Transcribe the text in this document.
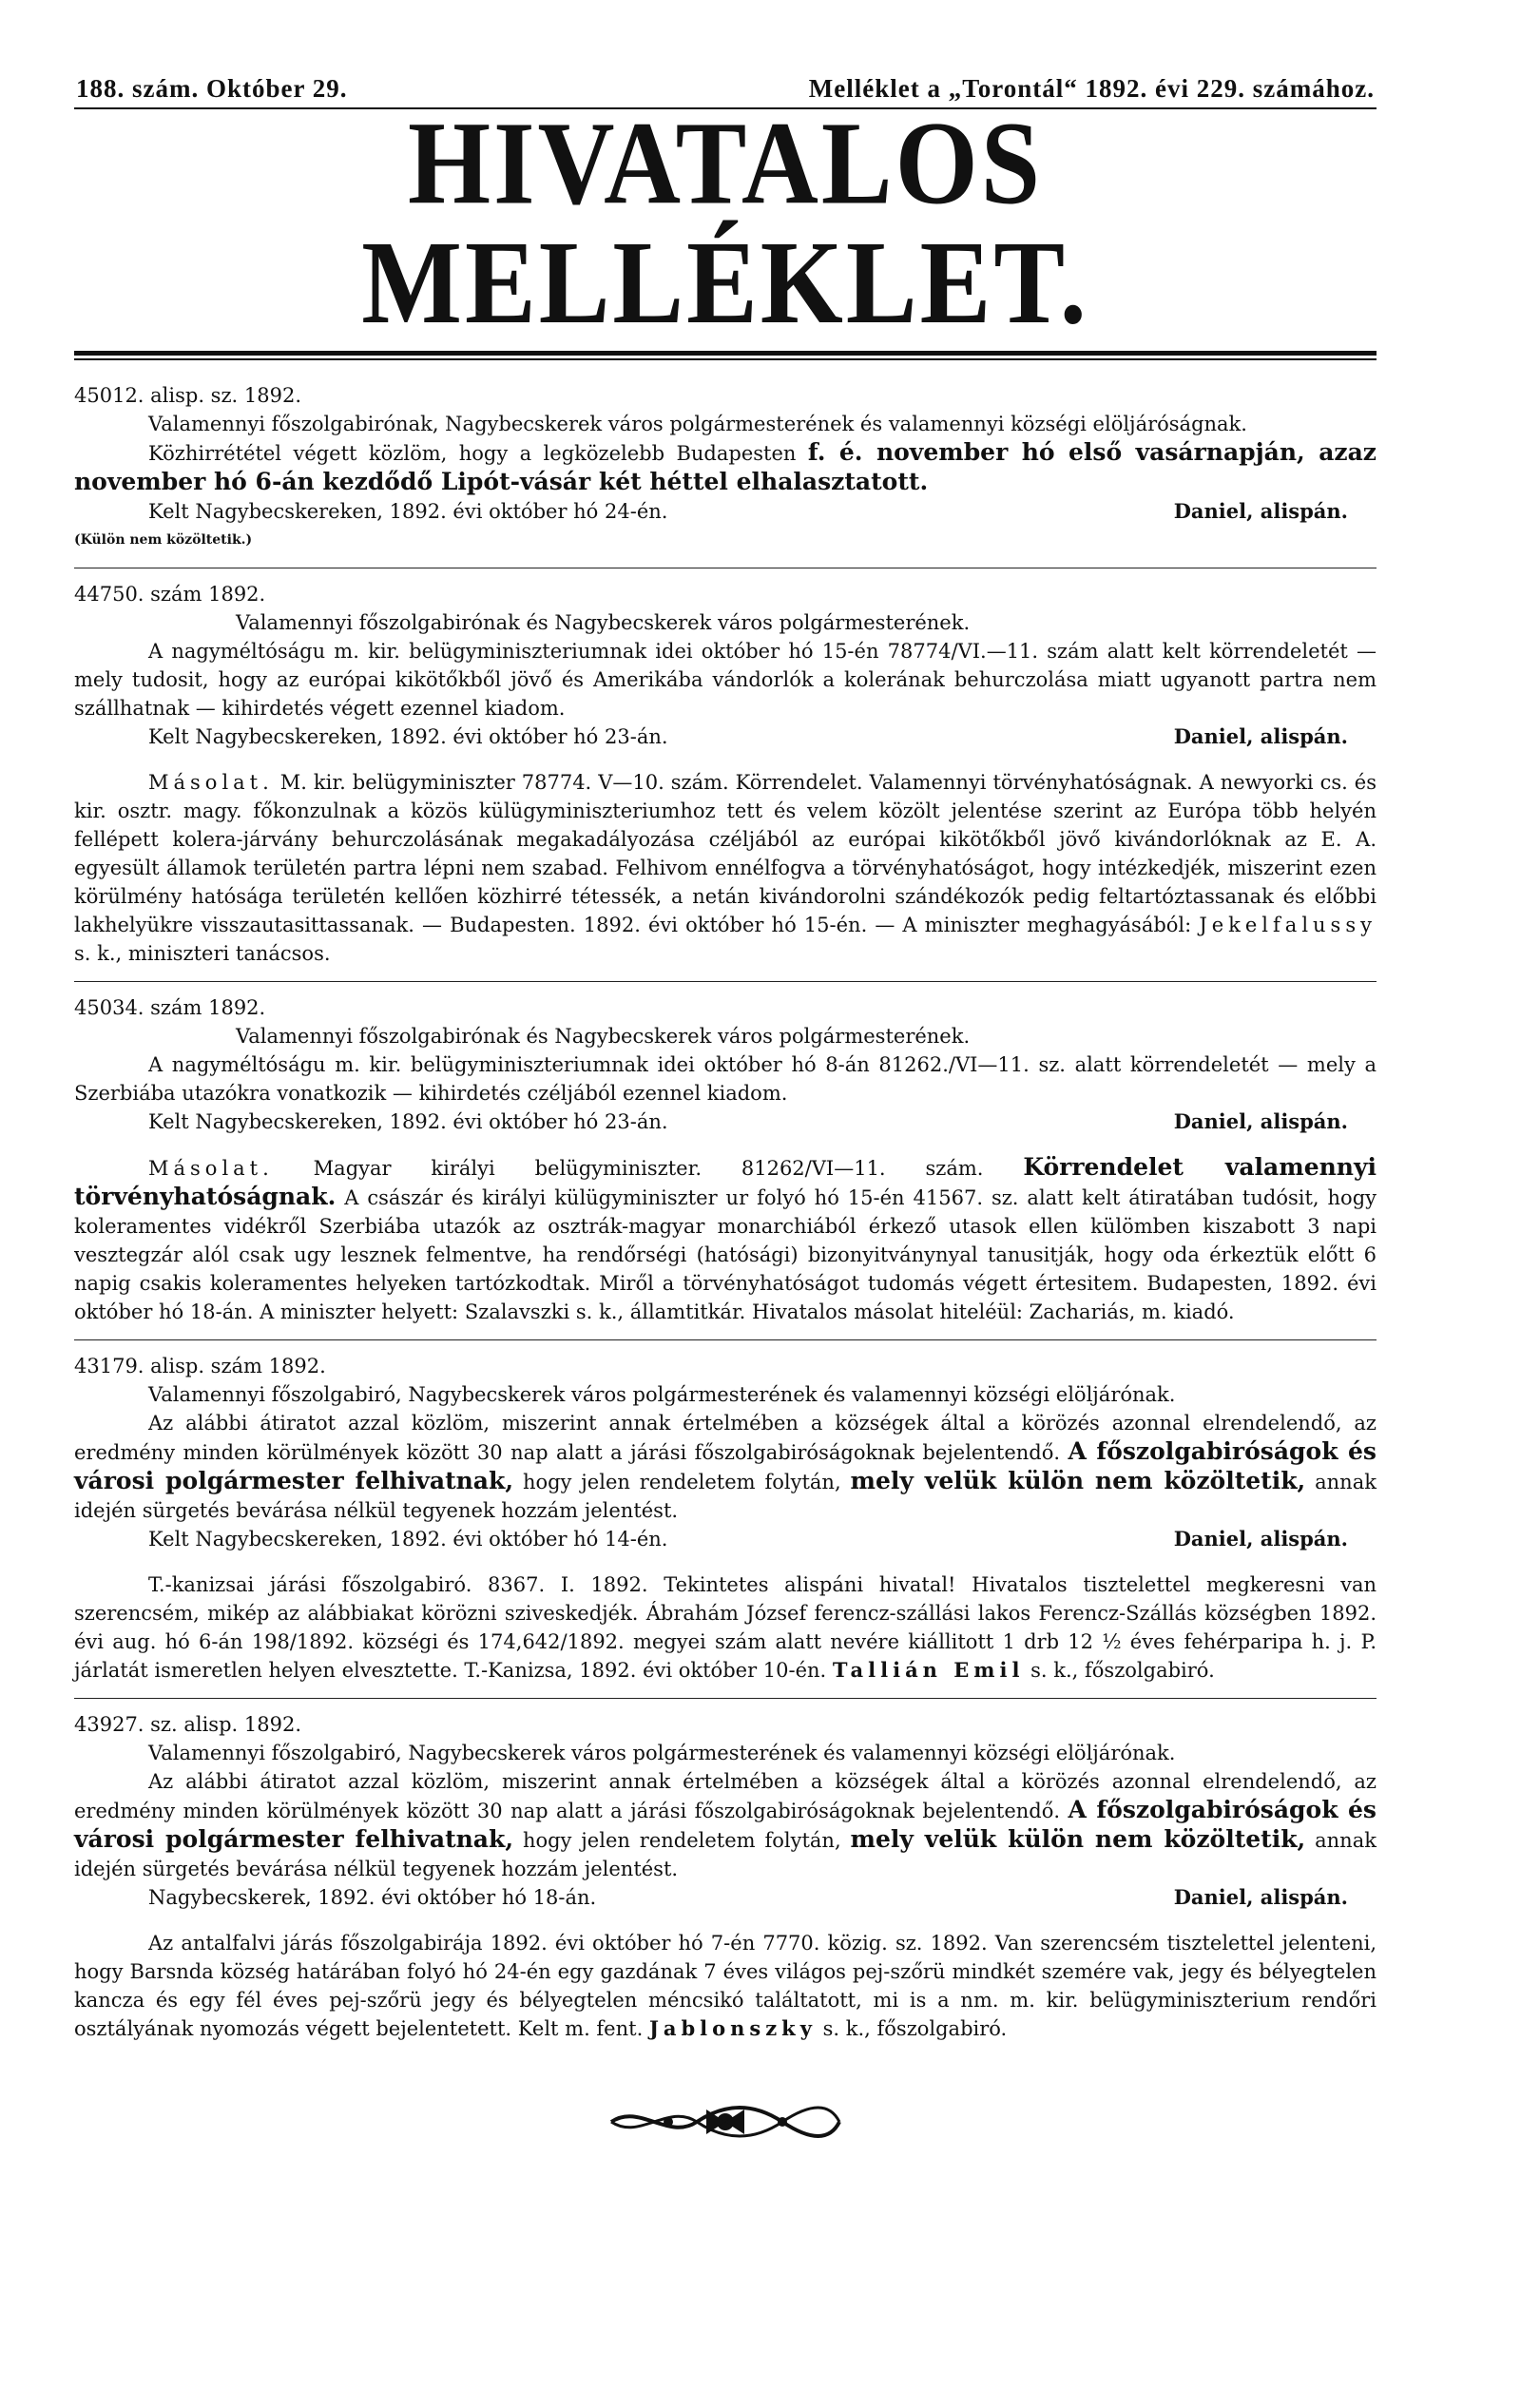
188. szám. Október 29.	Melléklet a „Torontál“ 1892. évi 229. számához.
HIVATALOS MELLÉKLET.

45012. alisp. sz. 1892.

Valamennyi főszolgabirónak, Nagybecskerek város polgármesterének és valamennyi községi elöljáróságnak.

Közhirrététel végett közlöm, hogy a legközelebb Budapesten f. é. november hó első vasárnapján, azaz november hó 6-án kezdődő Lipót-vásár két héttel elhalasztatott.

Kelt Nagybecskereken, 1892. évi október hó 24-én.	Daniel, alispán.

(Külön nem közöltetik.)

44750. szám 1892.

Valamennyi főszolgabirónak és Nagybecskerek város polgármesterének.

A nagyméltóságu m. kir. belügyminiszteriumnak idei október hó 15-én 78774/VI.—11. szám alatt kelt körrendeletét — mely tudosit, hogy az európai kikötőkből jövő és Amerikába vándorlók a kolerának behurczolása miatt ugyanott partra nem szállhatnak — kihirdetés végett ezennel kiadom.

Kelt Nagybecskereken, 1892. évi október hó 23-án.	Daniel, alispán.

Másolat. M. kir. belügyminiszter 78774. V—10. szám. Körrendelet. Valamennyi törvényhatóságnak. A newyorki cs. és kir. osztr. magy. főkonzulnak a közös külügyminiszteriumhoz tett és velem közölt jelentése szerint az Európa több helyén fellépett kolera-járvány behurczolásának megakadályozása czéljából az európai kikötőkből jövő kivándorlóknak az E. A. egyesült államok területén partra lépni nem szabad. Felhivom ennélfogva a törvényhatóságot, hogy intézkedjék, miszerint ezen körülmény hatósága területén kellően közhirré tétessék, a netán kivándorolni szándékozók pedig feltartóztassanak és előbbi lakhelyükre visszautasittassanak. — Budapesten. 1892. évi október hó 15-én. — A miniszter meghagyásából: Jekelfalussy s. k., miniszteri tanácsos.

45034. szám 1892.

Valamennyi főszolgabirónak és Nagybecskerek város polgármesterének.

A nagyméltóságu m. kir. belügyminiszteriumnak idei október hó 8-án 81262./VI—11. sz. alatt körrendeletét — mely a Szerbiába utazókra vonatkozik — kihirdetés czéljából ezennel kiadom.

Kelt Nagybecskereken, 1892. évi október hó 23-án.	Daniel, alispán.

Másolat. Magyar királyi belügyminiszter. 81262/VI—11. szám. Körrendelet valamennyi törvényhatóságnak. A császár és királyi külügyminiszter ur folyó hó 15-én 41567. sz. alatt kelt átiratában tudósit, hogy koleramentes vidékről Szerbiába utazók az osztrák-magyar monarchiából érkező utasok ellen külömben kiszabott 3 napi vesztegzár alól csak ugy lesznek felmentve, ha rendőrségi (hatósági) bizonyitványnyal tanusitják, hogy oda érkeztük előtt 6 napig csakis koleramentes helyeken tartózkodtak. Miről a törvényhatóságot tudomás végett értesitem. Budapesten, 1892. évi október hó 18-án. A miniszter helyett: Szalavszki s. k., államtitkár. Hivatalos másolat hiteléül: Zachariás, m. kiadó.

43179. alisp. szám 1892.

Valamennyi főszolgabiró, Nagybecskerek város polgármesterének és valamennyi községi elöljárónak.

Az alábbi átiratot azzal közlöm, miszerint annak értelmében a községek által a körözés azonnal elrendelendő, az eredmény minden körülmények között 30 nap alatt a járási főszolgabiróságoknak bejelentendő. A főszolgabiróságok és városi polgármester felhivatnak, hogy jelen rendeletem folytán, mely velük külön nem közöltetik, annak idején sürgetés bevárása nélkül tegyenek hozzám jelentést.

Kelt Nagybecskereken, 1892. évi október hó 14-én.	Daniel, alispán.

T.-kanizsai járási főszolgabiró. 8367. I. 1892. Tekintetes alispáni hivatal! Hivatalos tisztelettel megkeresni van szerencsém, mikép az alábbiakat körözni sziveskedjék. Ábrahám József ferencz-szállási lakos Ferencz-Szállás községben 1892. évi aug. hó 6-án 198/1892. községi és 174,642/1892. megyei szám alatt nevére kiállitott 1 drb 12 ½ éves fehérparipa h. j. P. járlatát ismeretlen helyen elvesztette. T.-Kanizsa, 1892. évi október 10-én. Tallián Emil s. k., főszolgabiró.

43927. sz. alisp. 1892.

Valamennyi főszolgabiró, Nagybecskerek város polgármesterének és valamennyi községi elöljárónak.

Az alábbi átiratot azzal közlöm, miszerint annak értelmében a községek által a körözés azonnal elrendelendő, az eredmény minden körülmények között 30 nap alatt a járási főszolgabiróságoknak bejelentendő. A főszolgabiróságok és városi polgármester felhivatnak, hogy jelen rendeletem folytán, mely velük külön nem közöltetik, annak idején sürgetés bevárása nélkül tegyenek hozzám jelentést.

Nagybecskerek, 1892. évi október hó 18-án.	Daniel, alispán.

Az antalfalvi járás főszolgabirája 1892. évi október hó 7-én 7770. közig. sz. 1892. Van szerencsém tisztelettel jelenteni, hogy Barsnda község határában folyó hó 24-én egy gazdának 7 éves világos pej-szőrü mindkét szemére vak, jegy és bélyegtelen kancza és egy fél éves pej-szőrü jegy és bélyegtelen méncsikó találtatott, mi is a nm. m. kir. belügyminiszterium rendőri osztályának nyomozás végett bejelentetett. Kelt m. fent. Jablonszky s. k., főszolgabiró.
